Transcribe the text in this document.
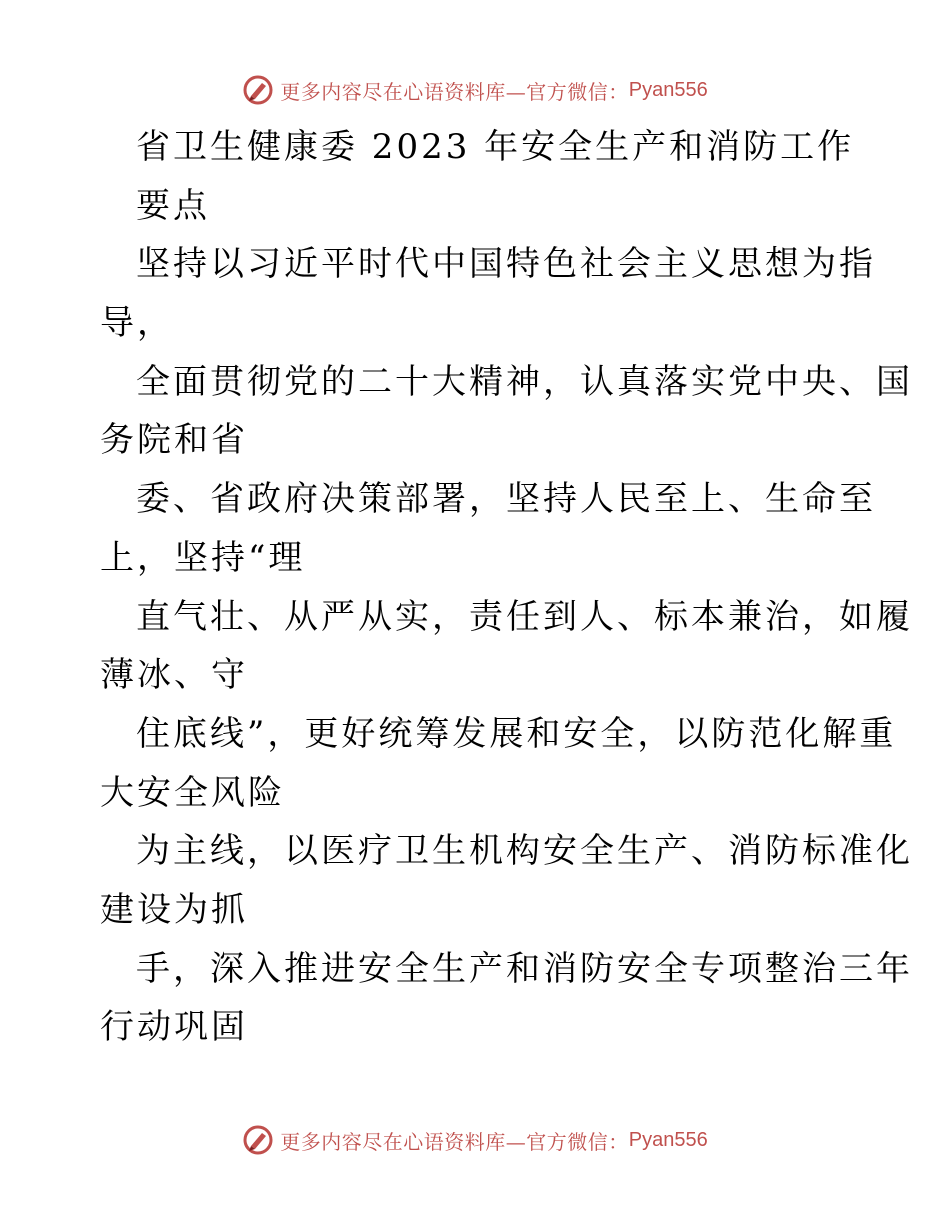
更多内容尽在心语资料库—官方微信： Pyan556
省卫生健康委 2023 年安全生产和消防工作
要点
坚持以习近平时代中国特色社会主义思想为指
导，
全面贯彻党的二十大精神，认真落实党中央、国
务院和省
委、省政府决策部署，坚持人民至上、生命至
上，坚持“理
直气壮、从严从实，责任到人、标本兼治，如履
薄冰、守
住底线”，更好统筹发展和安全，以防范化解重
大安全风险
为主线，以医疗卫生机构安全生产、消防标准化
建设为抓
手，深入推进安全生产和消防安全专项整治三年
行动巩固
更多内容尽在心语资料库—官方微信： Pyan556
